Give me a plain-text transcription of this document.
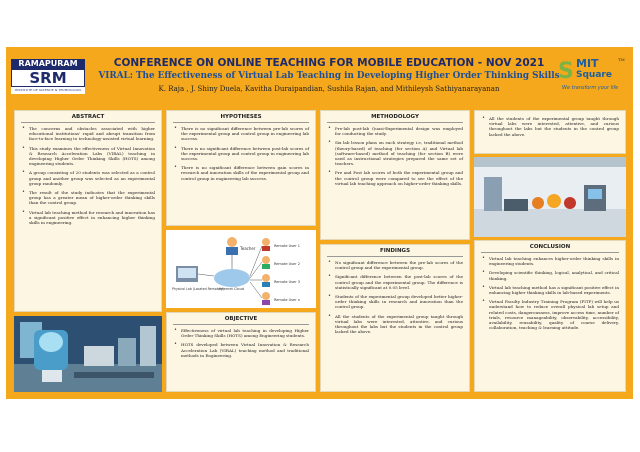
RAMAPURAM
SRM
INSTITUTE OF SCIENCE & TECHNOLOGY
CONFERENCE ON ONLINE TEACHING FOR MOBILE EDUCATION - NOV 2021
VIRAL: The Effectiveness of Virtual Lab Teaching in Developing Higher Order Thinking Skills
K. Raja , J. Shiny Duela, Kavitha Duraipandian, Sushila Rajan, and Mithileysh Sathiyanarayanan
S MIT
Square
TM
We transform your life
ABSTRACT
• The concerns and obstacles associated with higher educational institutions' rapid and abrupt transition from face-to-face learning to technology-assisted virtual learning.
• This study examines the effectiveness of Virtual Innovation & Research Acceleration Labs (VIRAL) teaching in developing Higher Order Thinking Skills (HOTS) among engineering students.
• A group consisting of 20 students was selected as a control group and another group was selected as an experimental group randomly.
• The result of the study indicates that the experimental group has a greater mean of higher-order thinking skills than the control group.
• Virtual lab teaching method for research and innovation has a significant positive effect in enhancing higher thinking skills in engineering.
HYPOTHESES
• There is no significant difference between pre-lab scores of the experimental group and control group in engineering lab success.
• There is no significant difference between post-lab scores of the experimental group and control group in engineering lab success.
• There is no significant difference between gain scores in research and innovation skills of the experimental group and control group in engineering lab success.
Teacher
Internet Cloud
Physical Lab (Located Remotely)
Remote User 1
Remote User 2
Remote User 3
Remote User n
OBJECTIVE
• Effectiveness of virtual lab teaching in developing Higher Order Thinking Skills (HOTS) among Engineering students.
• HOTS developed between Virtual Innovation & Research Acceleration Lab (VIRAL) teaching method and traditional methods in Engineering.
METHODOLOGY
• Pre-lab post-lab Quasi-Experimental design was employed for conducting the study.
• Six lab lesson plans on each strategy i.e, traditional method (theory-based) of teaching (for section A) and Virtual lab (software-based) method of teaching (for section B) were used as instructional strategies prepared the same set of teachers.
• Pre and Post lab scores of both the experimental group and the control group were compared to see the effect of the virtual lab teaching approach on higher-order thinking skills.
FINDINGS
• No significant difference between the pre-lab scores of the control group and the experimental group.
• Significant difference between the post-lab scores of the control group and the experimental group. The difference is statistically significant at 0.05 level.
• Students of the experimental group developed better higher-order thinking skills in research and innovation than the control group.
• All the students of the experimental group taught through virtual labs were interested, attentive, and curious throughout the labs but the students in the control group lacked the above.
• All the students of the experimental group taught through virtual labs were interested, attentive, and curious throughout the labs but the students in the control group lacked the above.
CONCLUSION
• Virtual lab teaching enhances higher-order thinking skills in engineering students.
• Developing scientific thinking, logical, analytical, and critical thinking.
• Virtual lab teaching method has a significant positive effect in enhancing higher thinking skills in lab-based experiments.
• Virtual Faculty Industry Training Program (FITP) will help us understand how to reduce overall physical lab setup and related costs, dangerousness, improve access time, number of trials, resource manageability, observability, accessibility, availability, reusability, quality of course delivery, collaboration, teaching & learning attitude.
